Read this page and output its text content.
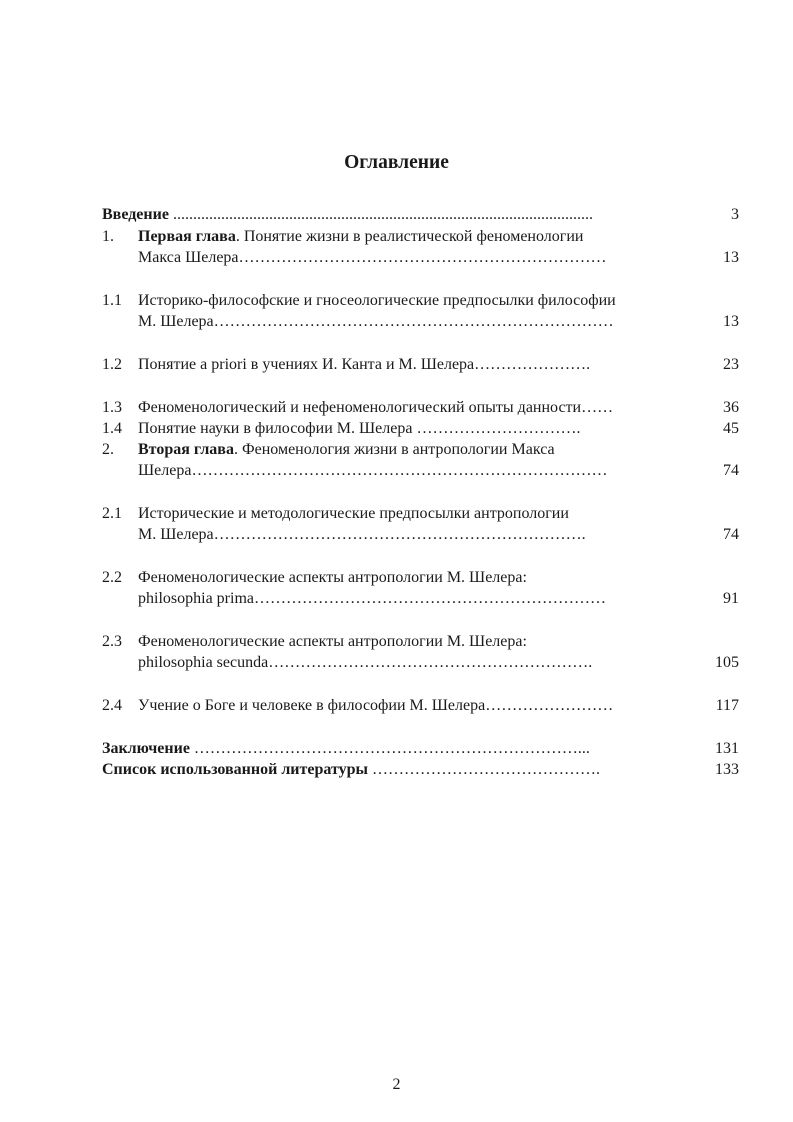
Оглавление
Введение .........................................................................................................	3
1. Первая глава. Понятие жизни в реалистической феноменологии
Макса Шелера……………………………………………………………	13
1.1 Историко-философские и гносеологические предпосылки философии
М. Шелера…………………………………………………………………	13
1.2 Понятие a priori в учениях И. Канта и М. Шелера………………….	23
1.3 Феноменологический и нефеноменологический опыты данности……	36
1.4 Понятие науки в философии М. Шелера ………………………….	45
2. Вторая глава. Феноменология жизни в антропологии Макса
Шелера……………………………………………………………………	74
2.1 Исторические и методологические предпосылки антропологии
М. Шелера…………………………………………………………….	74
2.2 Феноменологические аспекты антропологии М. Шелера:
philosophia prima…………………………………………………………	91
2.3 Феноменологические аспекты антропологии М. Шелера:
philosophia secunda…………………………………………………….	105
2.4 Учение о Боге и человеке в философии М. Шелера……………………	117
Заключение ………………………………………………………………...	131
Список использованной литературы …………………………………….	133
2
